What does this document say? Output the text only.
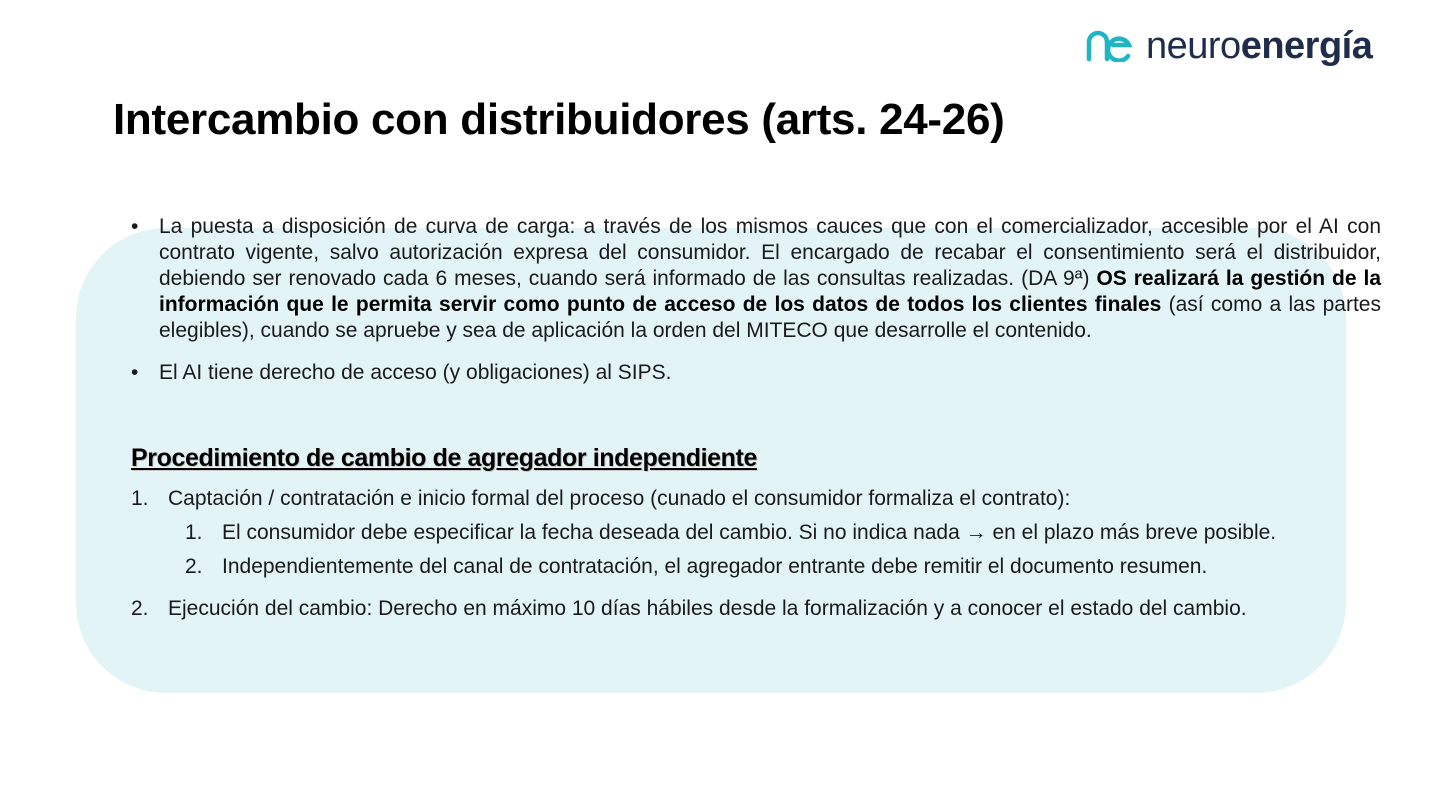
neuroenergía
Intercambio con distribuidores (arts. 24-26)
• La puesta a disposición de curva de carga: a través de los mismos cauces que con el comercializador, accesible por el AI con contrato vigente, salvo autorización expresa del consumidor. El encargado de recabar el consentimiento será el distribuidor, debiendo ser renovado cada 6 meses, cuando será informado de las consultas realizadas. (DA 9ª) OS realizará la gestión de la información que le permita servir como punto de acceso de los datos de todos los clientes finales (así como a las partes elegibles), cuando se apruebe y sea de aplicación la orden del MITECO que desarrolle el contenido.
• El AI tiene derecho de acceso (y obligaciones) al SIPS.
Procedimiento de cambio de agregador independiente
1. Captación / contratación e inicio formal del proceso (cunado el consumidor formaliza el contrato):
1. El consumidor debe especificar la fecha deseada del cambio. Si no indica nada → en el plazo más breve posible.
2. Independientemente del canal de contratación, el agregador entrante debe remitir el documento resumen.
2. Ejecución del cambio: Derecho en máximo 10 días hábiles desde la formalización y a conocer el estado del cambio.
